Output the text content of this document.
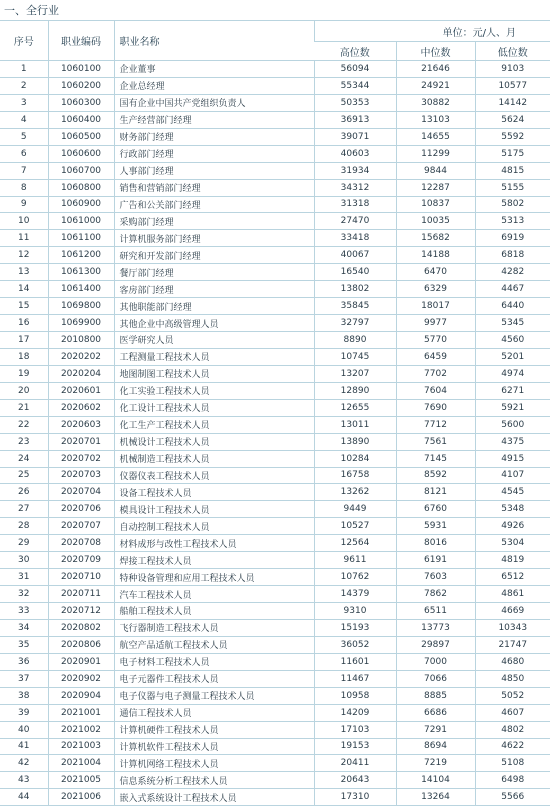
一、全行业
序号	职业编码	职业名称	单位：元/人、月		
			高位数	中位数	低位数
1	1060100	企业董事	56094	21646	9103
2	1060200	企业总经理	55344	24921	10577
3	1060300	国有企业中国共产党组织负责人	50353	30882	14142
4	1060400	生产经营部门经理	36913	13103	5624
5	1060500	财务部门经理	39071	14655	5592
6	1060600	行政部门经理	40603	11299	5175
7	1060700	人事部门经理	31934	9844	4815
8	1060800	销售和营销部门经理	34312	12287	5155
9	1060900	广告和公关部门经理	31318	10837	5802
10	1061000	采购部门经理	27470	10035	5313
11	1061100	计算机服务部门经理	33418	15682	6919
12	1061200	研究和开发部门经理	40067	14188	6818
13	1061300	餐厅部门经理	16540	6470	4282
14	1061400	客房部门经理	13802	6329	4467
15	1069800	其他职能部门经理	35845	18017	6440
16	1069900	其他企业中高级管理人员	32797	9977	5345
17	2010800	医学研究人员	8890	5770	4560
18	2020202	工程测量工程技术人员	10745	6459	5201
19	2020204	地图制图工程技术人员	13207	7702	4974
20	2020601	化工实验工程技术人员	12890	7604	6271
21	2020602	化工设计工程技术人员	12655	7690	5921
22	2020603	化工生产工程技术人员	13011	7712	5600
23	2020701	机械设计工程技术人员	13890	7561	4375
24	2020702	机械制造工程技术人员	10284	7145	4915
25	2020703	仪器仪表工程技术人员	16758	8592	4107
26	2020704	设备工程技术人员	13262	8121	4545
27	2020706	模具设计工程技术人员	9449	6760	5348
28	2020707	自动控制工程技术人员	10527	5931	4926
29	2020708	材料成形与改性工程技术人员	12564	8016	5304
30	2020709	焊接工程技术人员	9611	6191	4819
31	2020710	特种设备管理和应用工程技术人员	10762	7603	6512
32	2020711	汽车工程技术人员	14379	7862	4861
33	2020712	船舶工程技术人员	9310	6511	4669
34	2020802	飞行器制造工程技术人员	15193	13773	10343
35	2020806	航空产品适航工程技术人员	36052	29897	21747
36	2020901	电子材料工程技术人员	11601	7000	4680
37	2020902	电子元器件工程技术人员	11467	7066	4850
38	2020904	电子仪器与电子测量工程技术人员	10958	8885	5052
39	2021001	通信工程技术人员	14209	6686	4607
40	2021002	计算机硬件工程技术人员	17103	7291	4802
41	2021003	计算机软件工程技术人员	19153	8694	4622
42	2021004	计算机网络工程技术人员	20411	7219	5108
43	2021005	信息系统分析工程技术人员	20643	14104	6498
44	2021006	嵌入式系统设计工程技术人员	17310	13264	5566
